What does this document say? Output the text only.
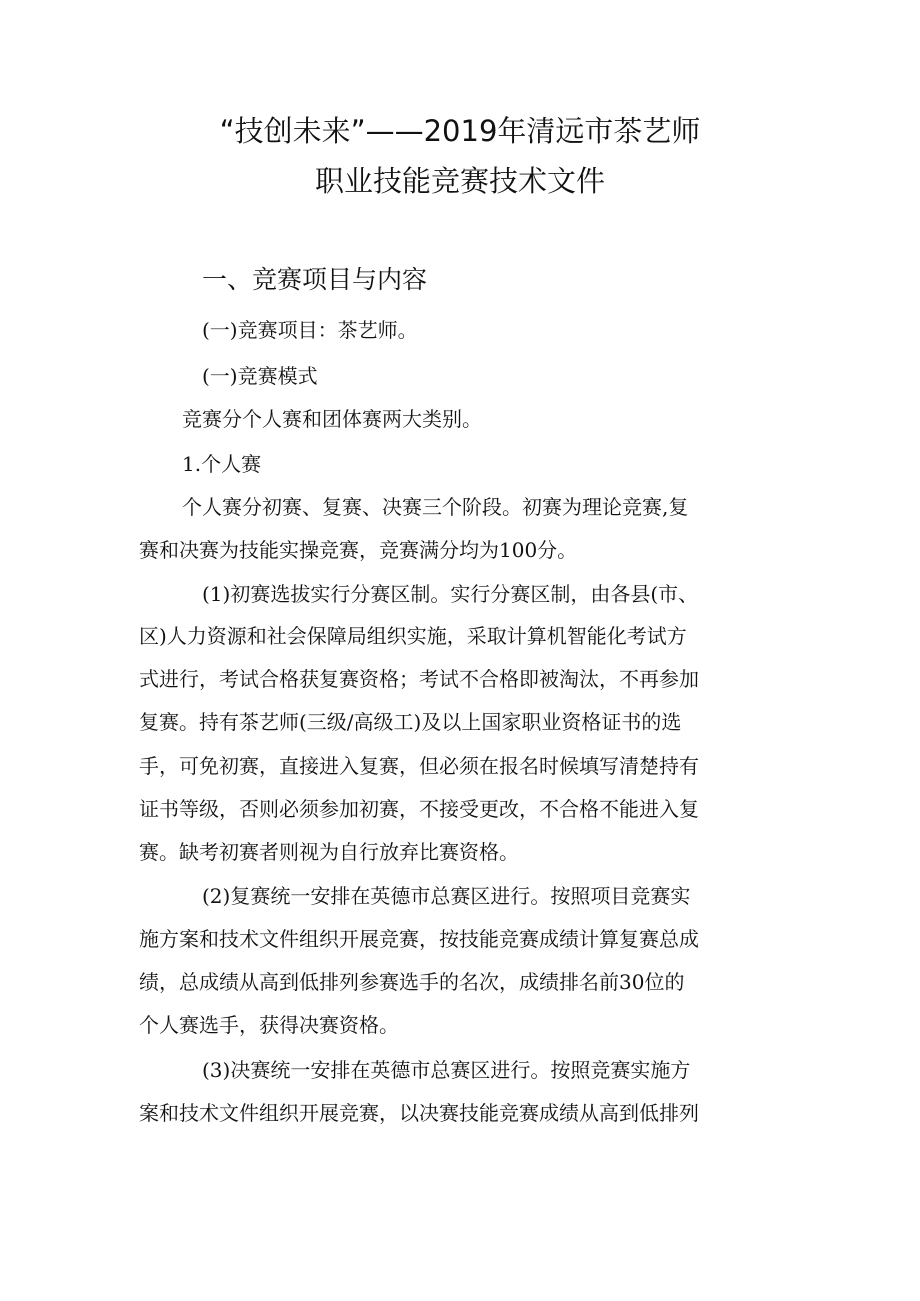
“技创未来”——2019年清远市茶艺师
职业技能竞赛技术文件
一、竞赛项目与内容
(一)竞赛项目：茶艺师。
(一)竞赛模式
竞赛分个人赛和团体赛两大类别。
1.个人赛
个人赛分初赛、复赛、决赛三个阶段。初赛为理论竞赛,复
赛和决赛为技能实操竞赛，竞赛满分均为100分。
(1)初赛选拔实行分赛区制。实行分赛区制，由各县(市、
区)人力资源和社会保障局组织实施，采取计算机智能化考试方
式进行，考试合格获复赛资格；考试不合格即被淘汰，不再参加
复赛。持有茶艺师(三级/高级工)及以上国家职业资格证书的选
手，可免初赛，直接进入复赛，但必须在报名时候填写清楚持有
证书等级，否则必须参加初赛，不接受更改，不合格不能进入复
赛。缺考初赛者则视为自行放弃比赛资格。
(2)复赛统一安排在英德市总赛区进行。按照项目竞赛实
施方案和技术文件组织开展竞赛，按技能竞赛成绩计算复赛总成
绩，总成绩从高到低排列参赛选手的名次，成绩排名前30位的
个人赛选手，获得决赛资格。
(3)决赛统一安排在英德市总赛区进行。按照竞赛实施方
案和技术文件组织开展竞赛，以决赛技能竞赛成绩从高到低排列
